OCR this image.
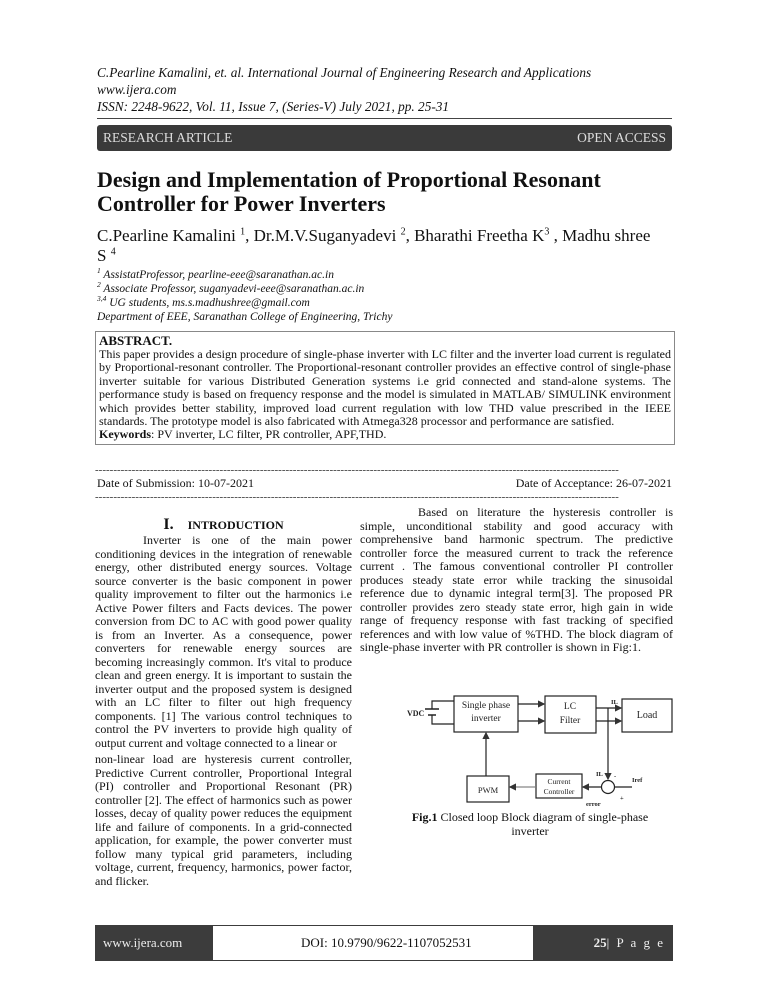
C.Pearline Kamalini, et. al. International Journal of Engineering Research and Applications
www.ijera.com
ISSN: 2248-9622, Vol. 11, Issue 7, (Series-V) July 2021, pp. 25-31
RESEARCH ARTICLE	OPEN ACCESS
Design and Implementation of Proportional Resonant Controller for Power Inverters
C.Pearline Kamalini $^1$, Dr.M.V.Suganyadevi $^2$, Bharathi Freetha $K^3$ , Madhu shree S $^4$
$^1$ AssistatProfessor, pearline-eee@saranathan.ac.in
$^2$ Associate Professor, suganyadevi-eee@saranathan.ac.in
$^{3,4}$ UG students, ms.s.madhushree@gmail.com
Department of EEE, Saranathan College of Engineering, Trichy
ABSTRACT.
This paper provides a design procedure of single-phase inverter with LC filter and the inverter load current is regulated by Proportional-resonant controller. The Proportional-resonant controller provides an effective control of single-phase inverter suitable for various Distributed Generation systems i.e grid connected and stand-alone systems. The performance study is based on frequency response and the model is simulated in MATLAB/ SIMULINK environment which provides better stability, improved load current regulation with low THD value prescribed in the IEEE standards. The prototype model is also fabricated with Atmega328 processor and performance are satisfied.
Keywords: PV inverter, LC filter, PR controller, APF,THD.
-----------------------------------------------------------------------------------------------------------------------------------------------
Date of Submission: 10-07-2021	Date of Acceptance: 26-07-2021
-----------------------------------------------------------------------------------------------------------------------------------------------
I. INTRODUCTION
Inverter is one of the main power conditioning devices in the integration of renewable energy, other distributed energy sources. Voltage source converter is the basic component in power quality improvement to filter out the harmonics i.e Active Power filters and Facts devices. The power conversion from DC to AC with good power quality is from an Inverter. As a consequence, power converters for renewable energy sources are becoming increasingly common. It's vital to produce clean and green energy. It is important to sustain the inverter output and the proposed system is designed with an LC filter to filter out high frequency components. [1] The various control techniques to control the PV inverters to provide high quality of output current and voltage connected to a linear or
non-linear load are hysteresis current controller, Predictive Current controller, Proportional Integral (PI) controller and Proportional Resonant (PR) controller [2]. The effect of harmonics such as power losses, decay of quality power reduces the equipment life and failure of components. In a grid-connected application, for example, the power converter must follow many typical grid parameters, including voltage, current, frequency, harmonics, power factor, and flicker.
Based on literature the hysteresis controller is simple, unconditional stability and good accuracy with comprehensive band harmonic spectrum. The predictive controller force the measured current to track the reference current . The famous conventional controller PI controller produces steady state error while tracking the sinusoidal reference due to dynamic integral term[3]. The proposed PR controller provides zero steady state error, high gain in wide range of frequency response with fast tracking of specified references and with low value of %THD. The block diagram of single-phase inverter with PR controller is shown in Fig:1.
VDC
Single phase
inverter
LC
Filter	Load
PWM
Current
Controller
IL
IL -
+
Iref
error
Fig.1 Closed loop Block diagram of single-phase inverter
www.ijera.com	DOI: 10.9790/9622-1107052531	25 | P a g e
